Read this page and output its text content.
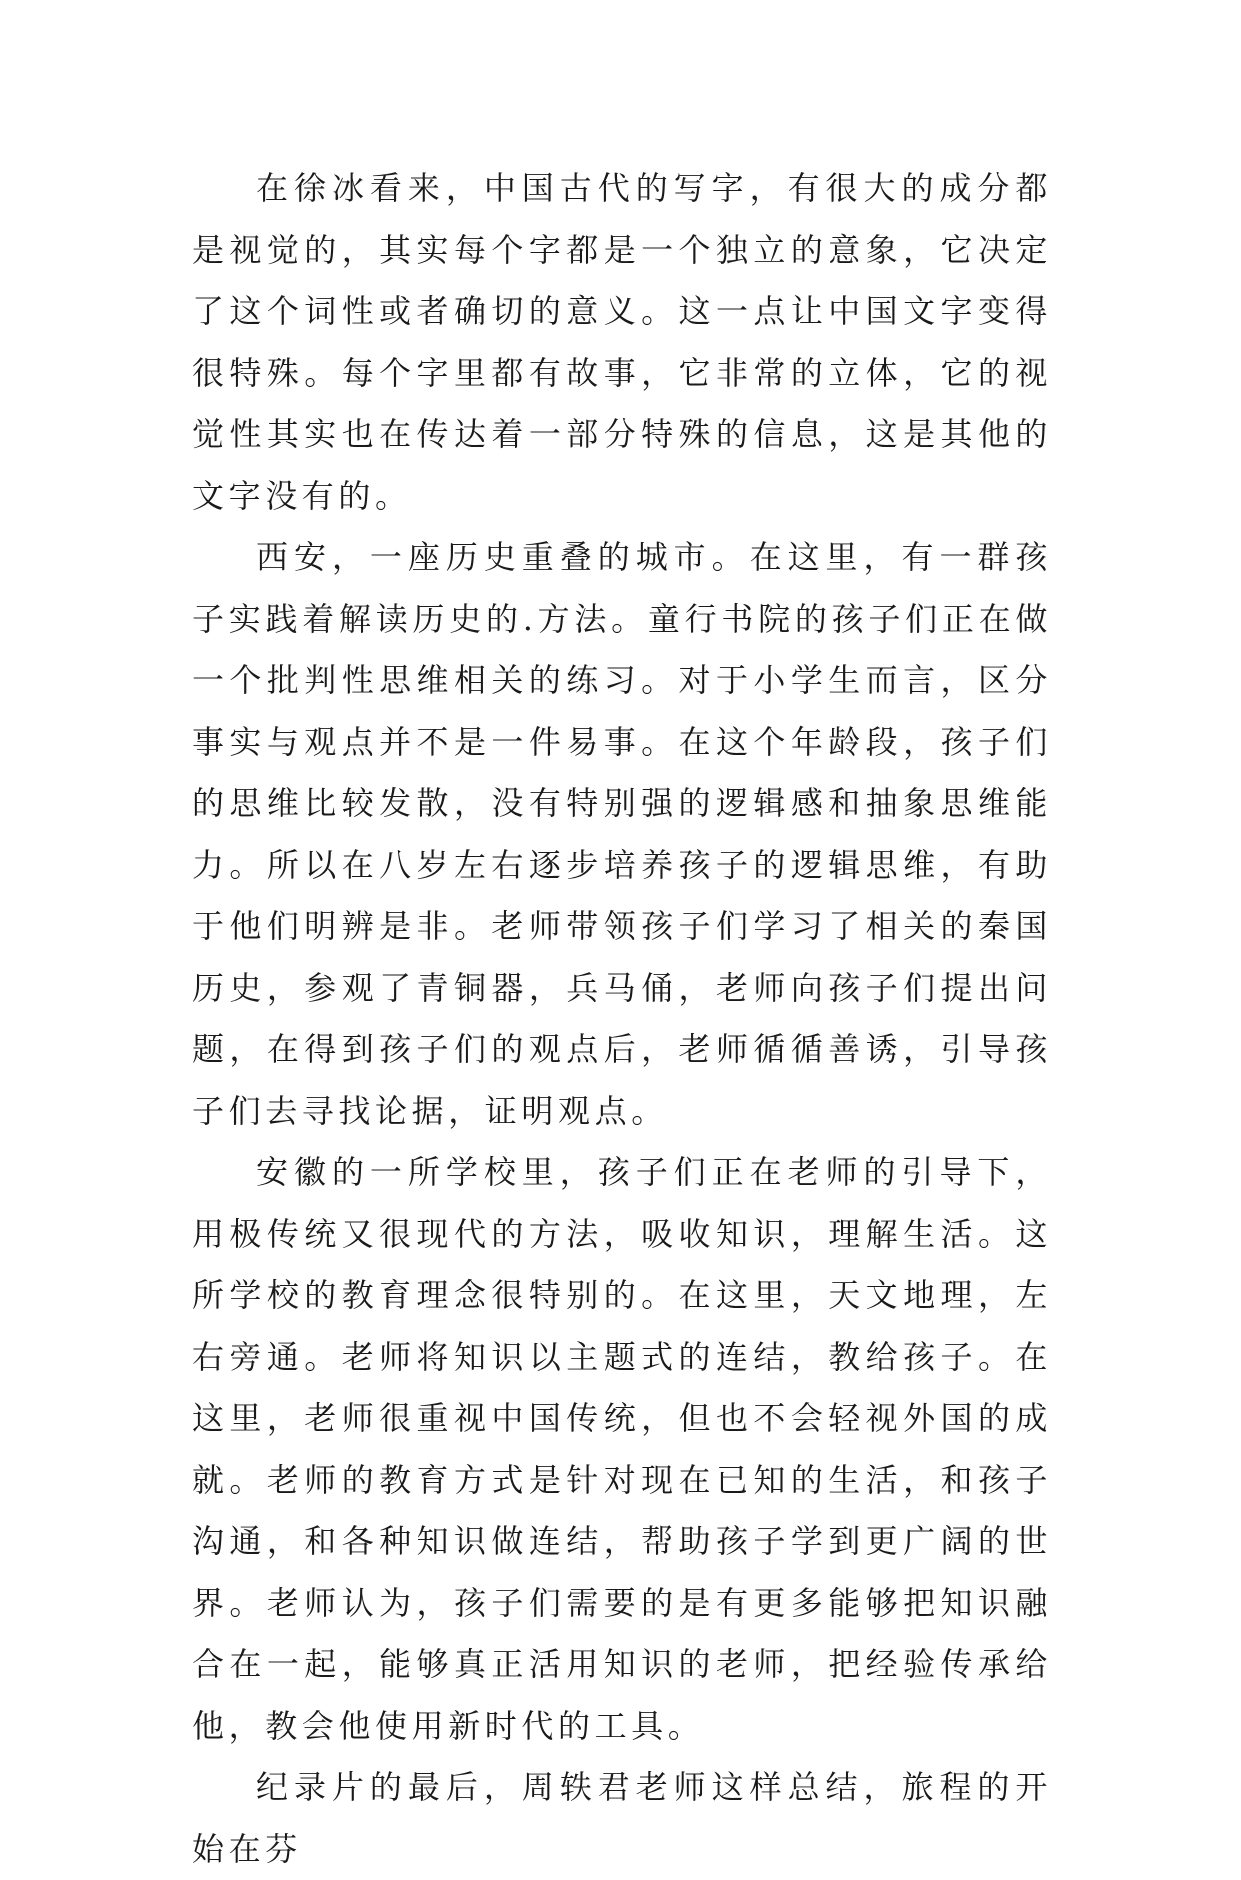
在徐冰看来，中国古代的写字，有很大的成分都是视觉的，其实每个字都是一个独立的意象，它决定了这个词性或者确切的意义。这一点让中国文字变得很特殊。每个字里都有故事，它非常的立体，它的视觉性其实也在传达着一部分特殊的信息，这是其他的文字没有的。

西安，一座历史重叠的城市。在这里，有一群孩子实践着解读历史的.方法。童行书院的孩子们正在做一个批判性思维相关的练习。对于小学生而言，区分事实与观点并不是一件易事。在这个年龄段，孩子们的思维比较发散，没有特别强的逻辑感和抽象思维能力。所以在八岁左右逐步培养孩子的逻辑思维，有助于他们明辨是非。老师带领孩子们学习了相关的秦国历史，参观了青铜器，兵马俑，老师向孩子们提出问题，在得到孩子们的观点后，老师循循善诱，引导孩子们去寻找论据，证明观点。

安徽的一所学校里，孩子们正在老师的引导下，用极传统又很现代的方法，吸收知识，理解生活。这所学校的教育理念很特别的。在这里，天文地理，左右旁通。老师将知识以主题式的连结，教给孩子。在这里，老师很重视中国传统，但也不会轻视外国的成就。老师的教育方式是针对现在已知的生活，和孩子沟通，和各种知识做连结，帮助孩子学到更广阔的世界。老师认为，孩子们需要的是有更多能够把知识融合在一起，能够真正活用知识的老师，把经验传承给他，教会他使用新时代的工具。

纪录片的最后，周轶君老师这样总结，旅程的开始在芬
